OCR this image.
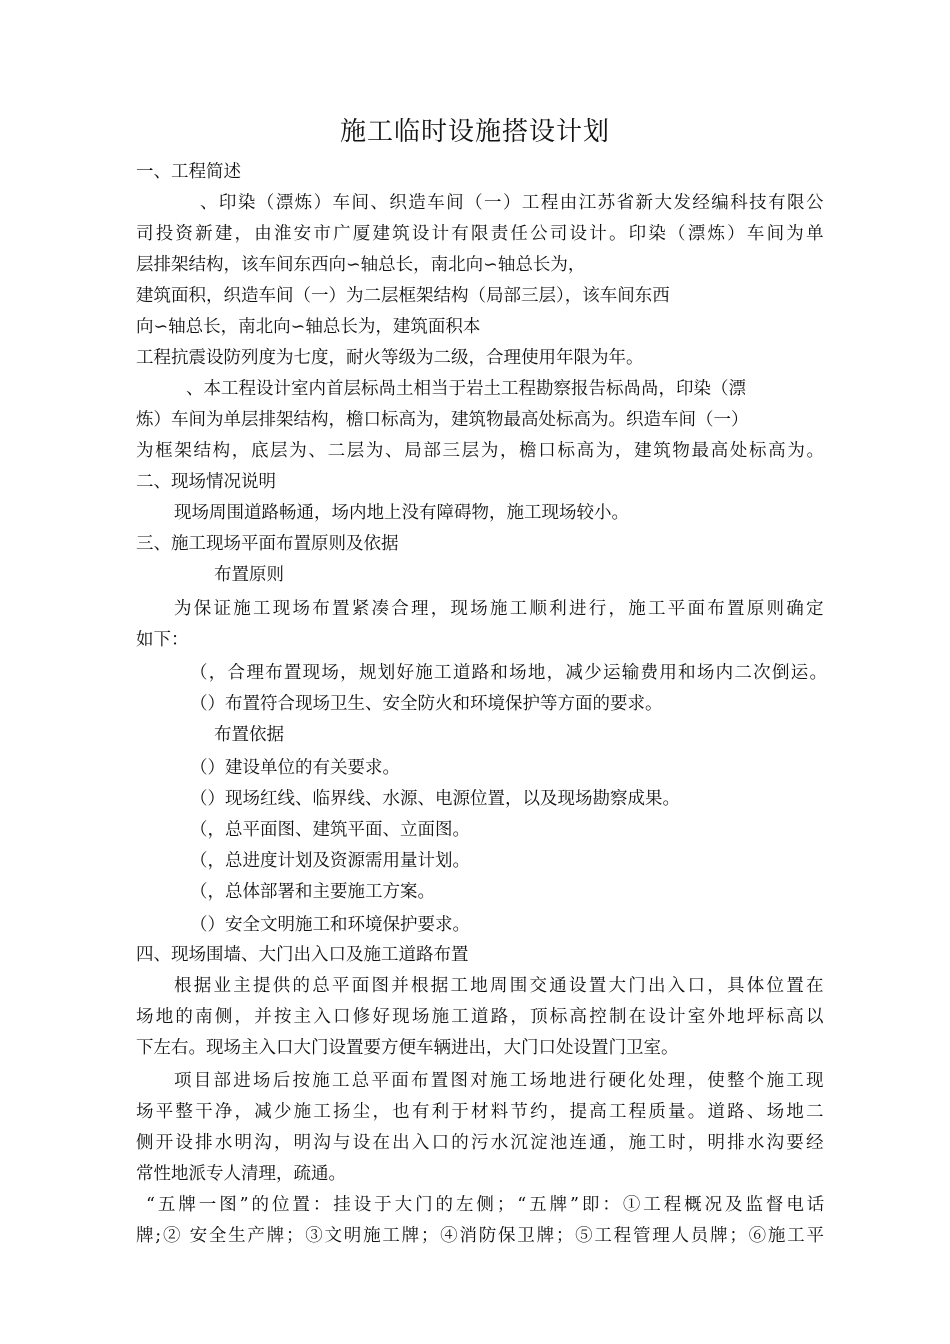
施工临时设施搭设计划
一、工程简述
、印染（漂炼）车间、织造车间（一）工程由江苏省新大发经编科技有限公
司投资新建，由淮安市广厦建筑设计有限责任公司设计。印染（漂炼）车间为单
层排架结构，该车间东西向∽轴总长，南北向∽轴总长为，
建筑面积，织造车间（一）为二层框架结构（局部三层），该车间东西
向∽轴总长，南北向∽轴总长为，建筑面积本
工程抗震设防列度为七度，耐火等级为二级，合理使用年限为年。
、本工程设计室内首层标咼土相当于岩土工程勘察报告标咼咼，印染（漂
炼）车间为单层排架结构，檐口标高为，建筑物最高处标高为。织造车间（一）
为框架结构，底层为、二层为、局部三层为，檐口标高为，建筑物最高处标高为。
二、现场情况说明
现场周围道路畅通，场内地上没有障碍物，施工现场较小。
三、施工现场平面布置原则及依据
布置原则
为保证施工现场布置紧凑合理，现场施工顺利进行，施工平面布置原则确定
如下：
（，合理布置现场，规划好施工道路和场地，减少运输费用和场内二次倒运。
（）布置符合现场卫生、安全防火和环境保护等方面的要求。
布置依据
（）建设单位的有关要求。
（）现场红线、临界线、水源、电源位置，以及现场勘察成果。
（，总平面图、建筑平面、立面图。
（，总进度计划及资源需用量计划。
（，总体部署和主要施工方案。
（）安全文明施工和环境保护要求。
四、现场围墙、大门出入口及施工道路布置
根据业主提供的总平面图并根据工地周围交通设置大门出入口，具体位置在
场地的南侧，并按主入口修好现场施工道路，顶标高控制在设计室外地坪标高以
下左右。现场主入口大门设置要方便车辆进出，大门口处设置门卫室。
项目部进场后按施工总平面布置图对施工场地进行硬化处理，使整个施工现
场平整干净，减少施工扬尘，也有利于材料节约，提高工程质量。道路、场地二
侧开设排水明沟，明沟与设在出入口的污水沉淀池连通，施工时，明排水沟要经
常性地派专人清理，疏通。
“五牌一图”的位置：挂设于大门的左侧；“五牌”即：①工程概况及监督电话
牌;② 安全生产牌；③文明施工牌；④消防保卫牌；⑤工程管理人员牌；⑥施工平
